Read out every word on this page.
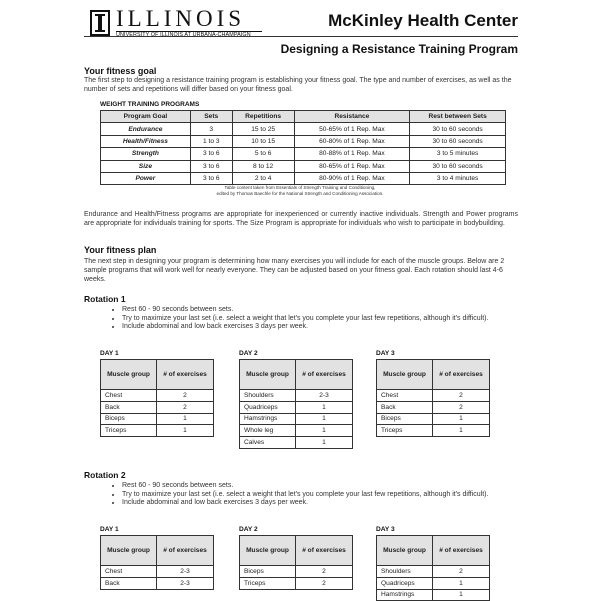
ILLINOIS
UNIVERSITY OF ILLINOIS AT URBANA-CHAMPAIGN
McKinley Health Center
Designing a Resistance Training Program
Your fitness goal
The first step to designing a resistance training program is establishing your fitness goal. The type and number of exercises, as well as the number of sets and repetitions will differ based on your fitness goal.
WEIGHT TRAINING PROGRAMS
Program Goal	Sets	Repetitions	Resistance	Rest between Sets
Endurance	3	15 to 25	50-65% of 1 Rep. Max	30 to 60 seconds
Health/Fitness	1 to 3	10 to 15	60-80% of 1 Rep. Max	30 to 60 seconds
Strength	3 to 6	5 to 6	80-88% of 1 Rep. Max	3 to 5 minutes
Size	3 to 6	8 to 12	80-65% of 1 Rep. Max	30 to 60 seconds
Power	3 to 6	2 to 4	80-90% of 1 Rep. Max	3 to 4 minutes
Table content taken from Essentials of Strength Training and Conditioning,
edited by Thomas Baechle for the National Strength and Conditioning Association.
Endurance and Health/Fitness programs are appropriate for inexperienced or currently inactive individuals. Strength and Power programs are appropriate for individuals training for sports. The Size Program is appropriate for individuals who wish to participate in bodybuilding.
Your fitness plan
The next step in designing your program is determining how many exercises you will include for each of the muscle groups. Below are 2 sample programs that will work well for nearly everyone. They can be adjusted based on your fitness goal. Each rotation should last 4-6 weeks.
Rotation 1
• Rest 60 - 90 seconds between sets.
• Try to maximize your last set (i.e. select a weight that let's you complete your last few repetitions, although it's difficult).
• Include abdominal and low back exercises 3 days per week.
DAY 1
Muscle group	# of exercises
Chest	2
Back	2
Biceps	1
Triceps	1
DAY 2
Muscle group	# of exercises
Shoulders	2-3
Quadriceps	1
Hamstrings	1
Whole leg	1
Calves	1
DAY 3
Muscle group	# of exercises
Chest	2
Back	2
Biceps	1
Triceps	1
Rotation 2
• Rest 60 - 90 seconds between sets.
• Try to maximize your last set (i.e. select a weight that let's you complete your last few repetitions, although it's difficult).
• Include abdominal and low back exercises 3 days per week.
DAY 1
Muscle group	# of exercises
Chest	2-3
Back	2-3
DAY 2
Muscle group	# of exercises
Biceps	2
Triceps	2
DAY 3
Muscle group	# of exercises
Shoulders	2
Quadriceps	1
Hamstrings	1
